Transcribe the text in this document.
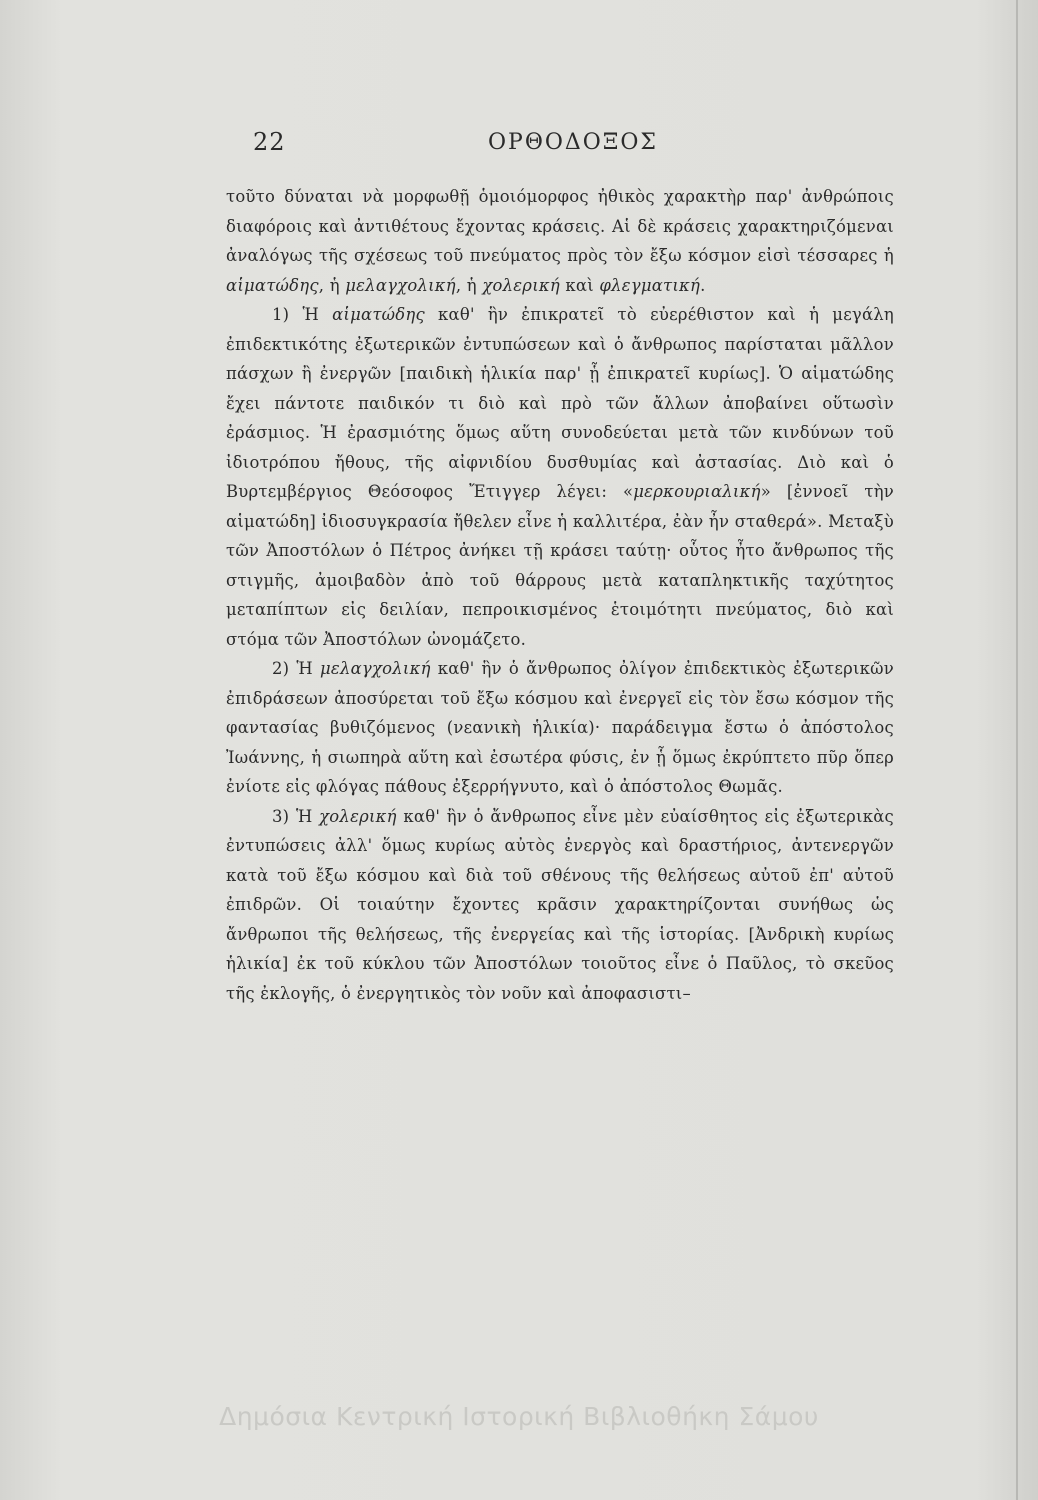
22	ΟΡΘΟΔΟΞΟΣ

τοῦτο δύναται νὰ μορφωθῇ ὁμοιόμορφος ἠθικὸς χαρακτὴρ παρ' ἀνθρώποις διαφόροις καὶ ἀντιθέτους ἔχοντας κράσεις. Αἱ δὲ κράσεις χαρακτηριζόμεναι ἀναλόγως τῆς σχέσεως τοῦ πνεύματος πρὸς τὸν ἔξω κόσμον εἰσὶ τέσσαρες ἡ αἱματώδης, ἡ μελαγχολική, ἡ χολερική καὶ φλεγματική.

1) Ἡ αἱματώδης καθ' ἣν ἐπικρατεῖ τὸ εὐερέθιστον καὶ ἡ μεγάλη ἐπιδεκτικότης ἐξωτερικῶν ἐντυπώσεων καὶ ὁ ἄνθρωπος παρίσταται μᾶλλον πάσχων ἢ ἐνεργῶν [παιδικὴ ἡλικία παρ' ᾗ ἐπικρατεῖ κυρίως]. Ὁ αἱματώδης ἔχει πάντοτε παιδικόν τι διὸ καὶ πρὸ τῶν ἄλλων ἀποβαίνει οὕτωσὶν ἐράσμιος. Ἡ ἐρασμιότης ὅμως αὕτη συνοδεύεται μετὰ τῶν κινδύνων τοῦ ἰδιοτρόπου ἤθους, τῆς αἰφνιδίου δυσθυμίας καὶ ἀστασίας. Διὸ καὶ ὁ Βυρτεμβέργιος Θεόσοφος Ἔτιγγερ λέγει: «μερκουριαλική» [ἐννοεῖ τὴν αἱματώδη] ἰδιοσυγκρασία ἤθελεν εἶνε ἡ καλλιτέρα, ἐὰν ἦν σταθερά». Μεταξὺ τῶν Ἀποστόλων ὁ Πέτρος ἀνήκει τῇ κράσει ταύτῃ· οὗτος ἦτο ἄνθρωπος τῆς στιγμῆς, ἀμοιβαδὸν ἀπὸ τοῦ θάρρους μετὰ καταπληκτικῆς ταχύτητος μεταπίπτων εἰς δειλίαν, πεπροικισμένος ἑτοιμότητι πνεύματος, διὸ καὶ στόμα τῶν Ἀποστόλων ὠνομάζετο.

2) Ἡ μελαγχολική καθ' ἣν ὁ ἄνθρωπος ὀλίγον ἐπιδεκτικὸς ἐξωτερικῶν ἐπιδράσεων ἀποσύρεται τοῦ ἔξω κόσμου καὶ ἐνεργεῖ εἰς τὸν ἔσω κόσμον τῆς φαντασίας βυθιζόμενος (νεανικὴ ἡλικία)· παράδειγμα ἔστω ὁ ἀπόστολος Ἰωάννης, ἡ σιωπηρὰ αὕτη καὶ ἐσωτέρα φύσις, ἐν ᾗ ὅμως ἐκρύπτετο πῦρ ὅπερ ἐνίοτε εἰς φλόγας πάθους ἐξερρήγνυτο, καὶ ὁ ἀπόστολος Θωμᾶς.

3) Ἡ χολερική καθ' ἣν ὁ ἄνθρωπος εἶνε μὲν εὐαίσθητος εἰς ἐξωτερικὰς ἐντυπώσεις ἀλλ' ὅμως κυρίως αὐτὸς ἐνεργὸς καὶ δραστήριος, ἀντενεργῶν κατὰ τοῦ ἔξω κόσμου καὶ διὰ τοῦ σθένους τῆς θελήσεως αὐτοῦ ἐπ' αὐτοῦ ἐπιδρῶν. Οἱ τοιαύτην ἔχοντες κρᾶσιν χαρακτηρίζονται συνήθως ὡς ἄνθρωποι τῆς θελήσεως, τῆς ἐνεργείας καὶ τῆς ἱστορίας. [Ἀνδρικὴ κυρίως ἡλικία] ἐκ τοῦ κύκλου τῶν Ἀποστόλων τοιοῦτος εἶνε ὁ Παῦλος, τὸ σκεῦος τῆς ἐκλογῆς, ὁ ἐνεργητικὸς τὸν νοῦν καὶ ἀποφασιστι–

Δημόσια Κεντρική Ιστορική Βιβλιοθήκη Σάμου
